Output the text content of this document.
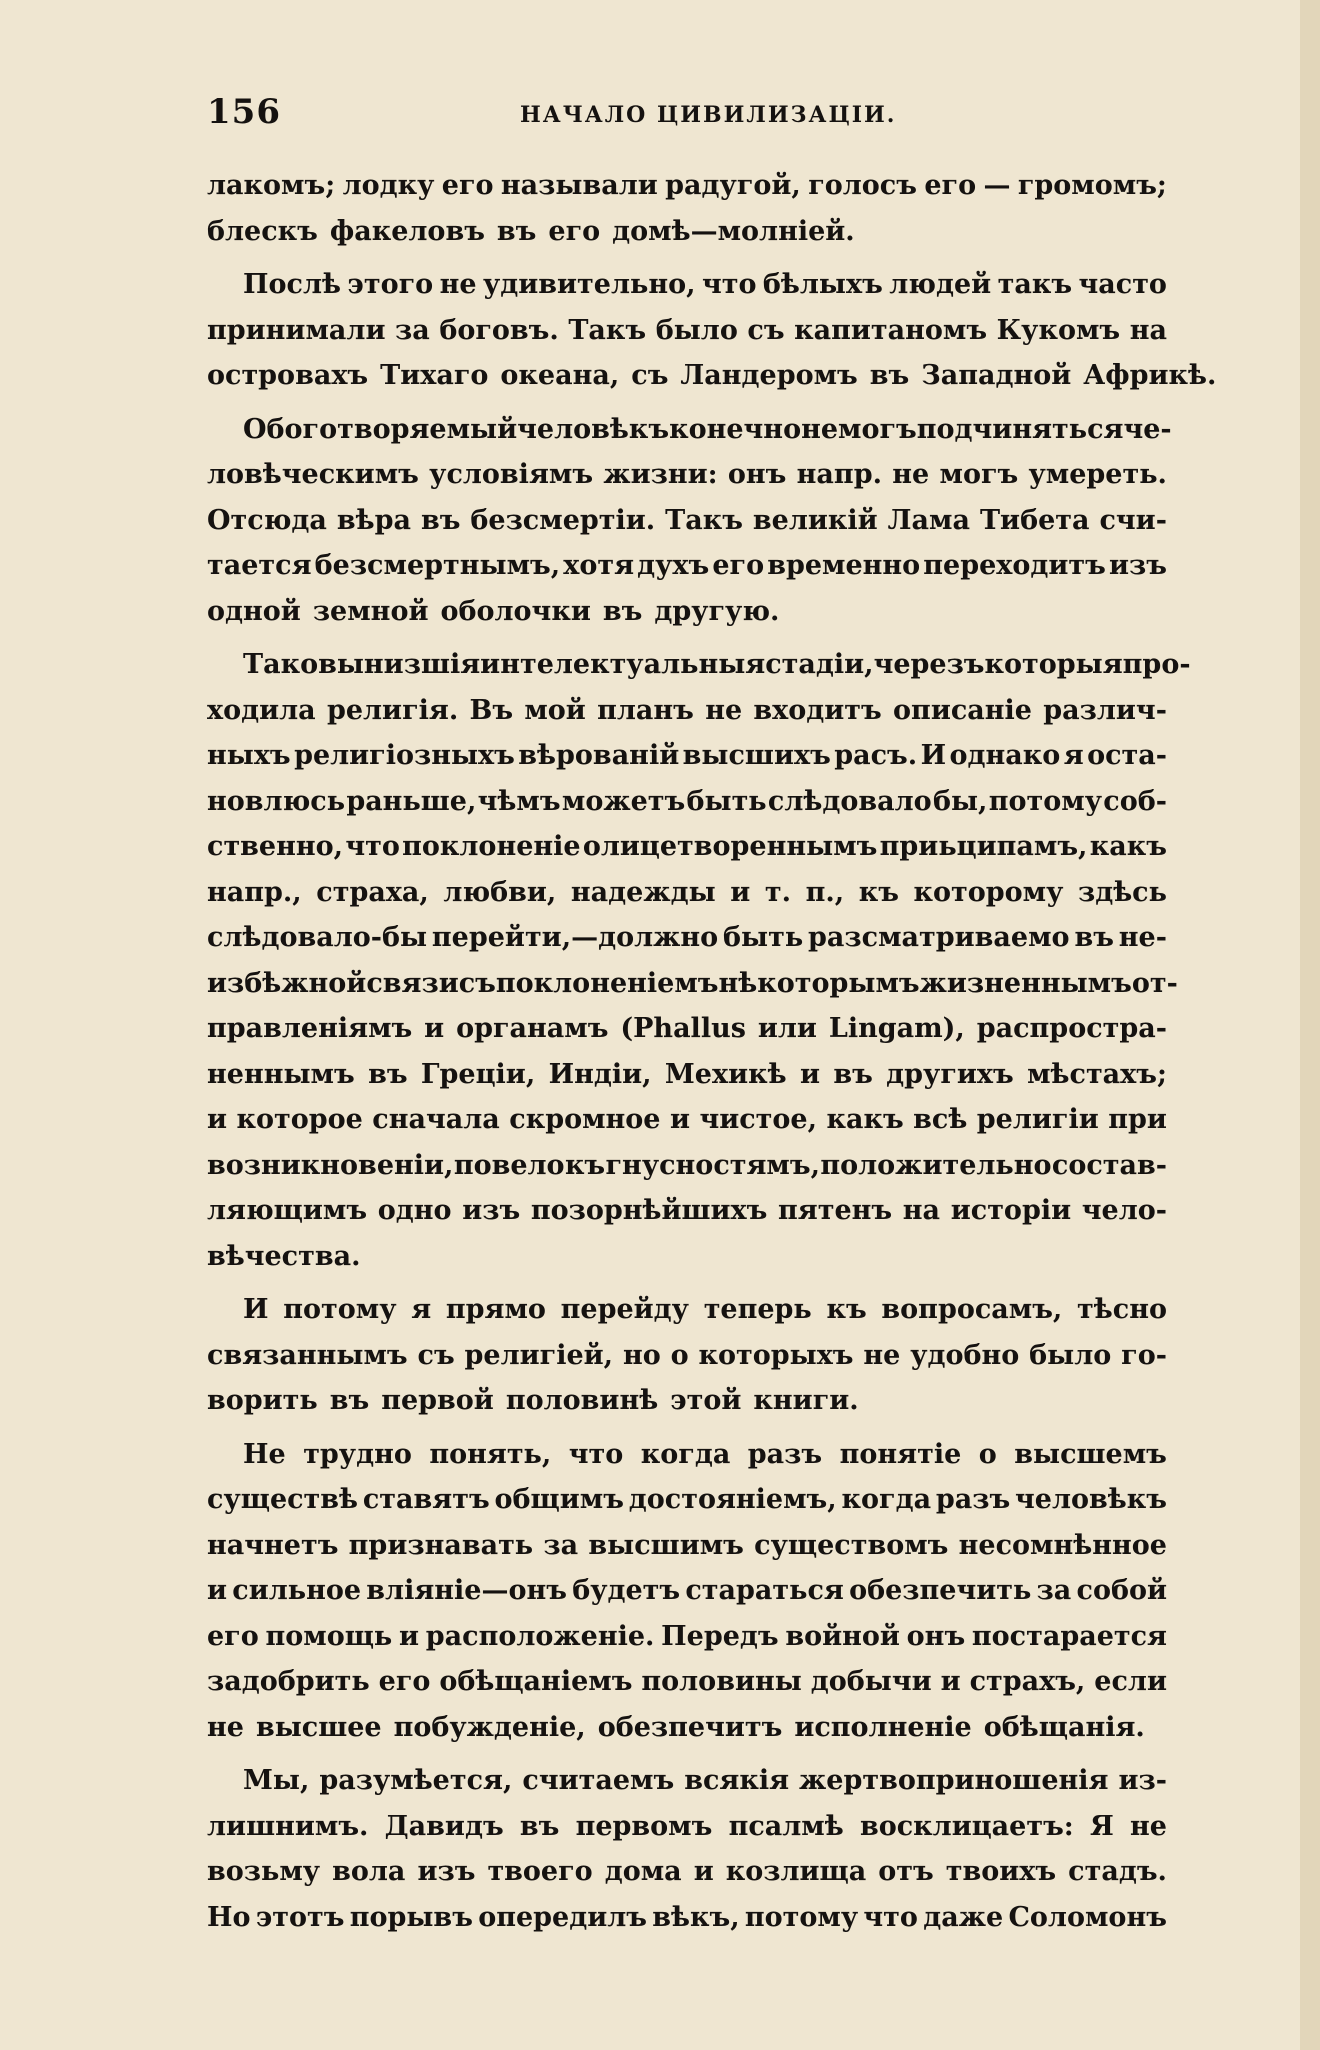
156	НАЧАЛО ЦИВИЛИЗАЦІИ.
лакомъ; лодку его называли радугой, голосъ его — громомъ;
блескъ факеловъ въ его домѣ—молніей.
Послѣ этого не удивительно, что бѣлыхъ людей такъ часто
принимали за боговъ. Такъ было съ капитаномъ Кукомъ на
островахъ Тихаго океана, съ Ландеромъ въ Западной Африкѣ.
Обоготворяемый человѣкъ конечно не могъ подчиняться че-
ловѣческимъ условіямъ жизни: онъ напр. не могъ умереть.
Отсюда вѣра въ безсмертіи. Такъ великій Лама Тибета счи-
тается безсмертнымъ, хотя духъ его временно переходитъ изъ
одной земной оболочки въ другую.
Таковы низшія интелектуальныя стадіи, черезъ которыя про-
ходила религія. Въ мой планъ не входитъ описаніе различ-
ныхъ религіозныхъ вѣрованій высшихъ расъ. И однако я оста-
новлюсь раньше, чѣмъ можетъ быть слѣдовало бы, потому соб-
ственно, что поклоненіе олицетвореннымъ приьципамъ, какъ
напр., страха, любви, надежды и т. п., къ которому здѣсь
слѣдовало-бы перейти,—должно быть разсматриваемо въ не-
избѣжной связи съ поклоненіемъ нѣкоторымъ жизненнымъ от-
правленіямъ и органамъ (Phallus или Lingam), распростра-
неннымъ въ Греціи, Индіи, Мехикѣ и въ другихъ мѣстахъ;
и которое сначала скромное и чистое, какъ всѣ религіи при
возникновеніи, повело къ гнусностямъ, положительно состав-
ляющимъ одно изъ позорнѣйшихъ пятенъ на исторіи чело-
вѣчества.
И потому я прямо перейду теперь къ вопросамъ, тѣсно
связаннымъ съ религіей, но о которыхъ не удобно было го-
ворить въ первой половинѣ этой книги.
Не трудно понять, что когда разъ понятіе о высшемъ
существѣ ставятъ общимъ достояніемъ, когда разъ человѣкъ
начнетъ признавать за высшимъ существомъ несомнѣнное
и сильное вліяніе—онъ будетъ стараться обезпечить за собой
его помощь и расположеніе. Передъ войной онъ постарается
задобрить его обѣщаніемъ половины добычи и страхъ, если
не высшее побужденіе, обезпечитъ исполненіе обѣщанія.
Мы, разумѣется, считаемъ всякія жертвоприношенія из-
лишнимъ. Давидъ въ первомъ псалмѣ восклицаетъ: Я не
возьму вола изъ твоего дома и козлища отъ твоихъ стадъ.
Но этотъ порывъ опередилъ вѣкъ, потому что даже Соломонъ
